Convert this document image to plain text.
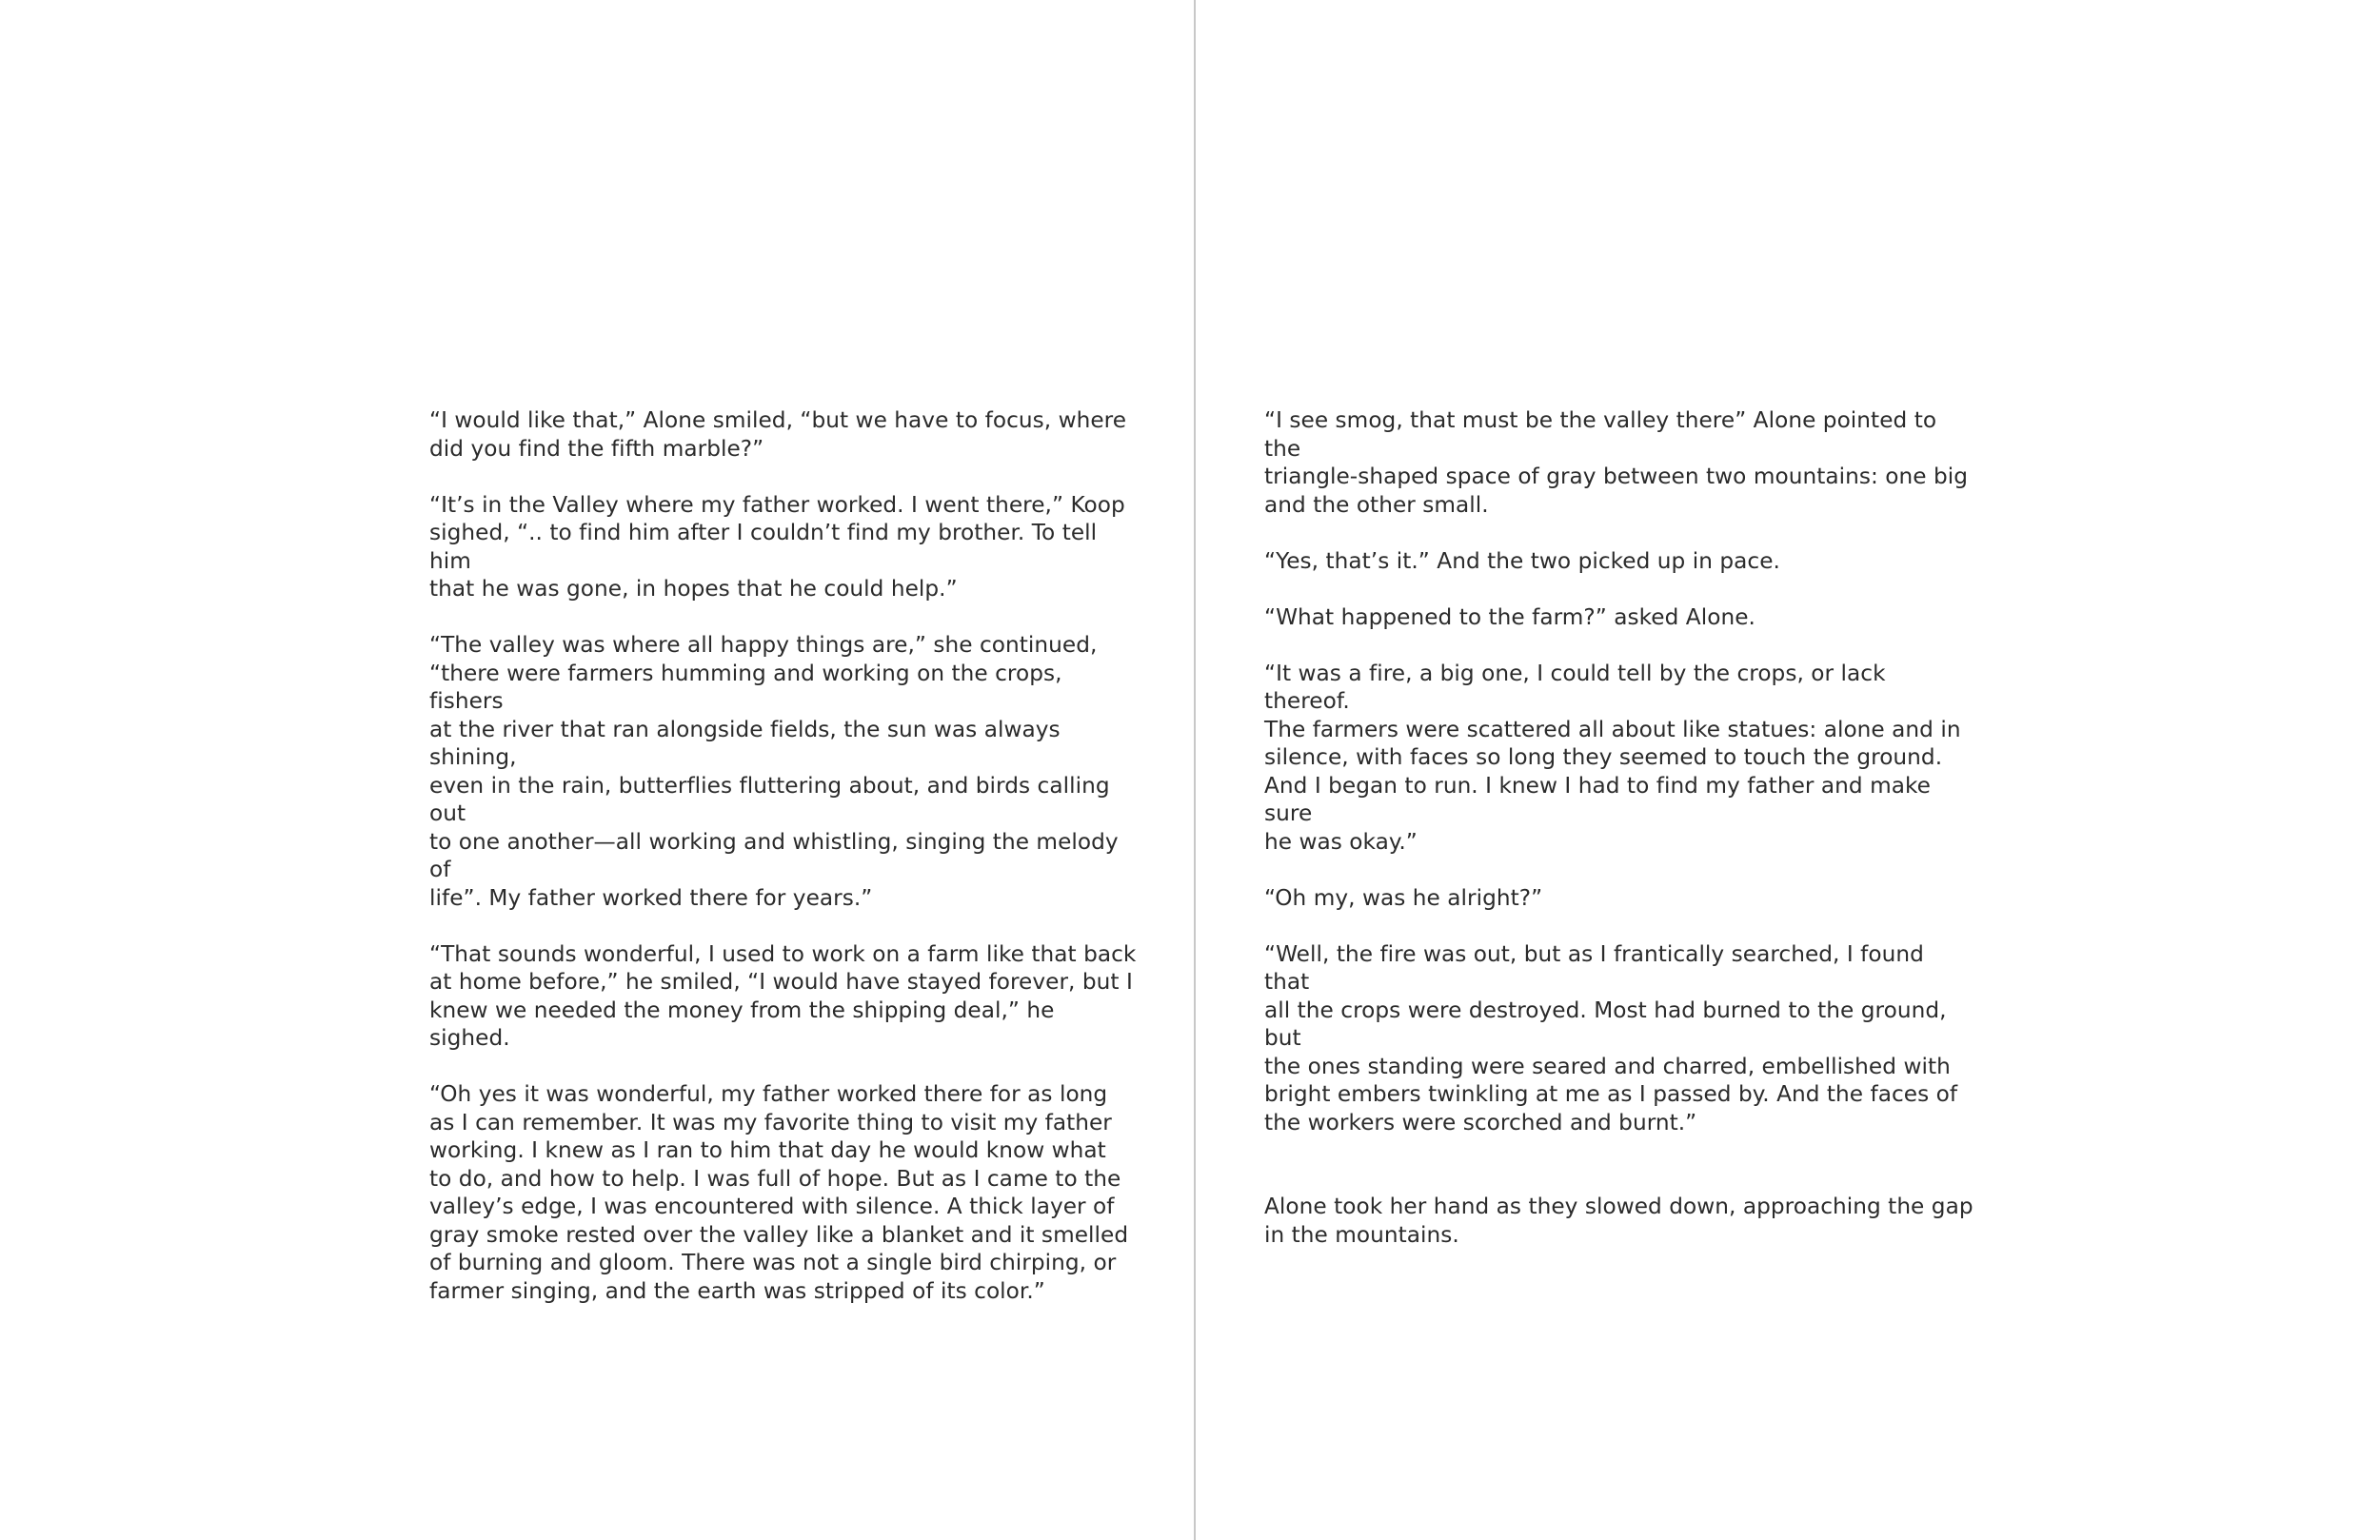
“I would like that,” Alone smiled, “but we have to focus, where
did you find the fifth marble?”

“It’s in the Valley where my father worked. I went there,” Koop
sighed, “.. to find him after I couldn’t find my brother. To tell him
that he was gone, in hopes that he could help.”

“The valley was where all happy things are,” she continued,
“there were farmers humming and working on the crops, fishers
at the river that ran alongside fields, the sun was always shining,
even in the rain, butterflies fluttering about, and birds calling out
to one another—all working and whistling, singing the melody of
life”. My father worked there for years.”

“That sounds wonderful, I used to work on a farm like that back
at home before,” he smiled, “I would have stayed forever, but I
knew we needed the money from the shipping deal,” he sighed.

“Oh yes it was wonderful, my father worked there for as long
as I can remember. It was my favorite thing to visit my father
working. I knew as I ran to him that day he would know what
to do, and how to help. I was full of hope. But as I came to the
valley’s edge, I was encountered with silence. A thick layer of
gray smoke rested over the valley like a blanket and it smelled
of burning and gloom. There was not a single bird chirping, or
farmer singing, and the earth was stripped of its color.”

“I see smog, that must be the valley there” Alone pointed to the
triangle-shaped space of gray between two mountains: one big
and the other small.

“Yes, that’s it.” And the two picked up in pace.

“What happened to the farm?” asked Alone.

“It was a fire, a big one, I could tell by the crops, or lack thereof.
The farmers were scattered all about like statues: alone and in
silence, with faces so long they seemed to touch the ground.
And I began to run. I knew I had to find my father and make sure
he was okay.”

“Oh my, was he alright?”

“Well, the fire was out, but as I frantically searched, I found that
all the crops were destroyed. Most had burned to the ground, but
the ones standing were seared and charred, embellished with
bright embers twinkling at me as I passed by. And the faces of
the workers were scorched and burnt.”

Alone took her hand as they slowed down, approaching the gap
in the mountains.
